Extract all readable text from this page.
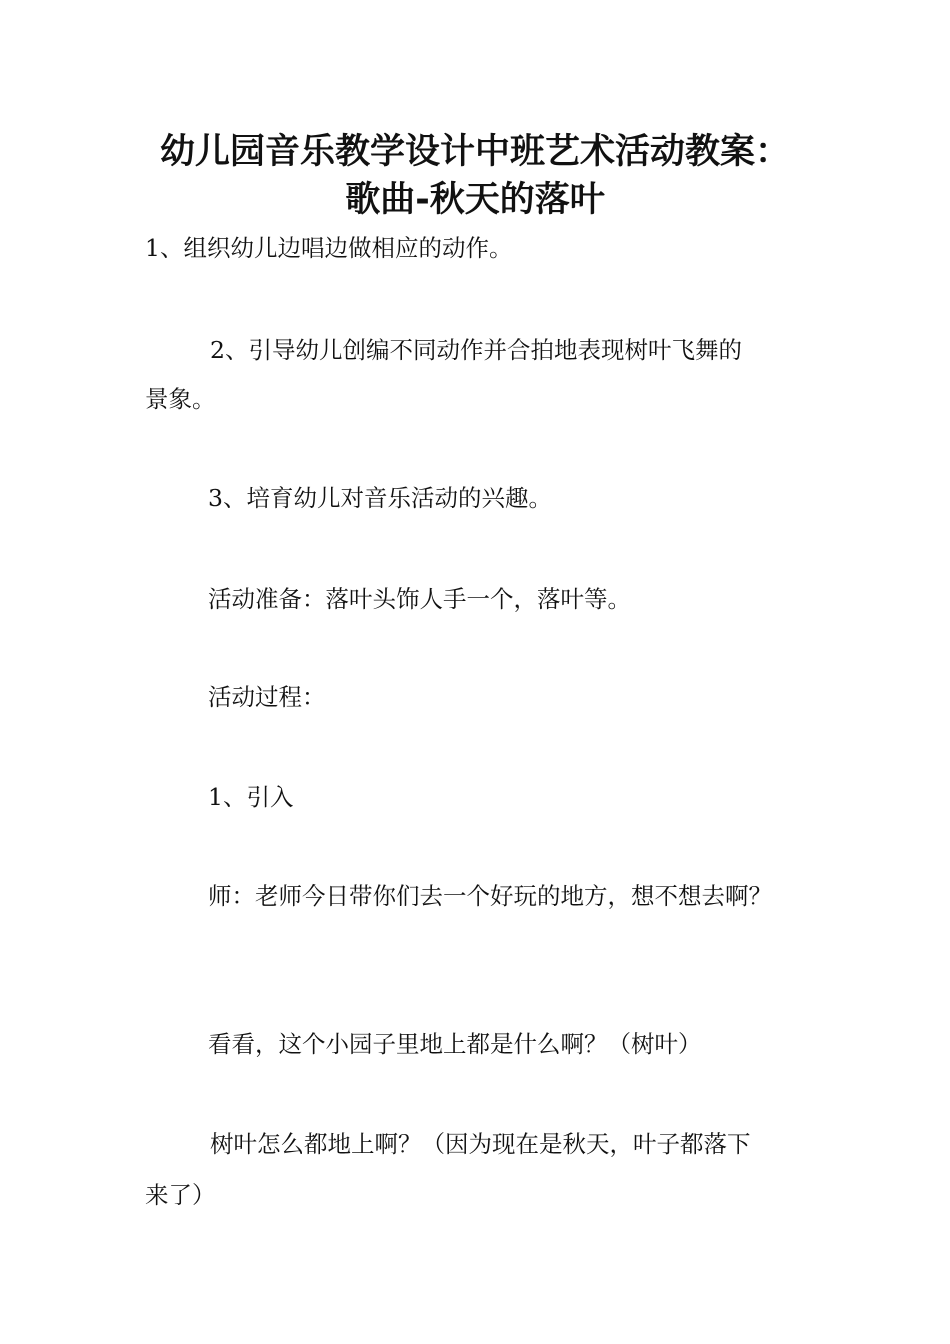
幼儿园音乐教学设计中班艺术活动教案：
歌曲-秋天的落叶
1、组织幼儿边唱边做相应的动作。
2、引导幼儿创编不同动作并合拍地表现树叶飞舞的
景象。
3、培育幼儿对音乐活动的兴趣。
活动准备：落叶头饰人手一个，落叶等。
活动过程：
1、引入
师：老师今日带你们去一个好玩的地方，想不想去啊？
看看，这个小园子里地上都是什么啊？（树叶）
树叶怎么都地上啊？（因为现在是秋天，叶子都落下
来了）
